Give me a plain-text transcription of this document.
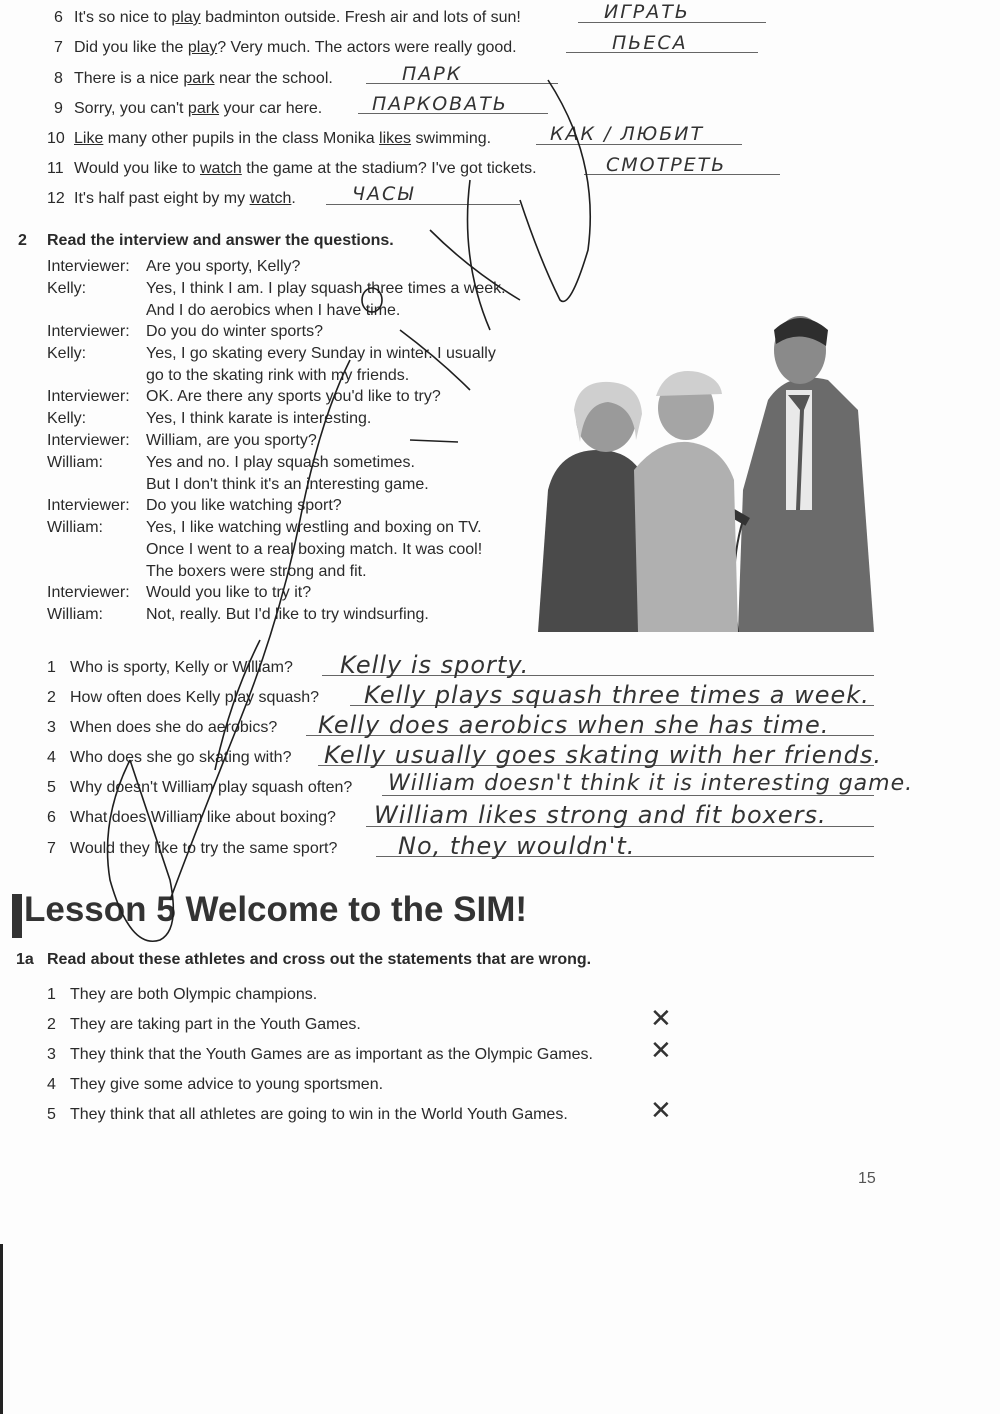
6 It's so nice to play badminton outside. Fresh air and lots of sun!	ИГРАТЬ
7 Did you like the play? Very much. The actors were really good.	ПЬЕСА
8 There is a nice park near the school.	ПАРК
9 Sorry, you can't park your car here.	ПАРКОВАТЬ
10 Like many other pupils in the class Monika likes swimming.	КАК / ЛЮБИТ
11 Would you like to watch the game at the stadium? I've got tickets.	СМОТРЕТЬ
12 It's half past eight by my watch.	ЧАСЫ
2 Read the interview and answer the questions.
Interviewer: Are you sporty, Kelly?
Kelly:	Yes, I think I am. I play squash three times a week.
And I do aerobics when I have time.
Interviewer: Do you do winter sports?
Kelly:	Yes, I go skating every Sunday in winter. I usually
go to the skating rink with my friends.
Interviewer: OK. Are there any sports you'd like to try?
Kelly:	Yes, I think karate is interesting.
Interviewer: William, are you sporty?
William:	Yes and no. I play squash sometimes.
But I don't think it's an interesting game.
Interviewer: Do you like watching sport?
William:	Yes, I like watching wrestling and boxing on TV.
Once I went to a real boxing match. It was cool!
The boxers were strong and fit.
Interviewer: Would you like to try it?
William:	Not, really. But I'd like to try windsurfing.
1 Who is sporty, Kelly or William? Kelly is sporty.
2 How often does Kelly play squash? Kelly plays squash three times a week.
3 When does she do aerobics? Kelly does aerobics when she has time.
4 Who does she go skating with? Kelly usually goes skating with her friends.
5 Why doesn't William play squash often? William doesn't think it is interesting game.
6 What does William like about boxing? William likes strong and fit boxers.
7 Would they like to try the same sport?	No, they wouldn't.
Lesson 5 Welcome to the SIM!
1a Read about these athletes and cross out the statements that are wrong.
1 They are both Olympic champions.
2 They are taking part in the Youth Games.	✕
3 They think that the Youth Games are as important as the Olympic Games. ✕
4 They give some advice to young sportsmen.
5 They think that all athletes are going to win in the World Youth Games.	✕
15
